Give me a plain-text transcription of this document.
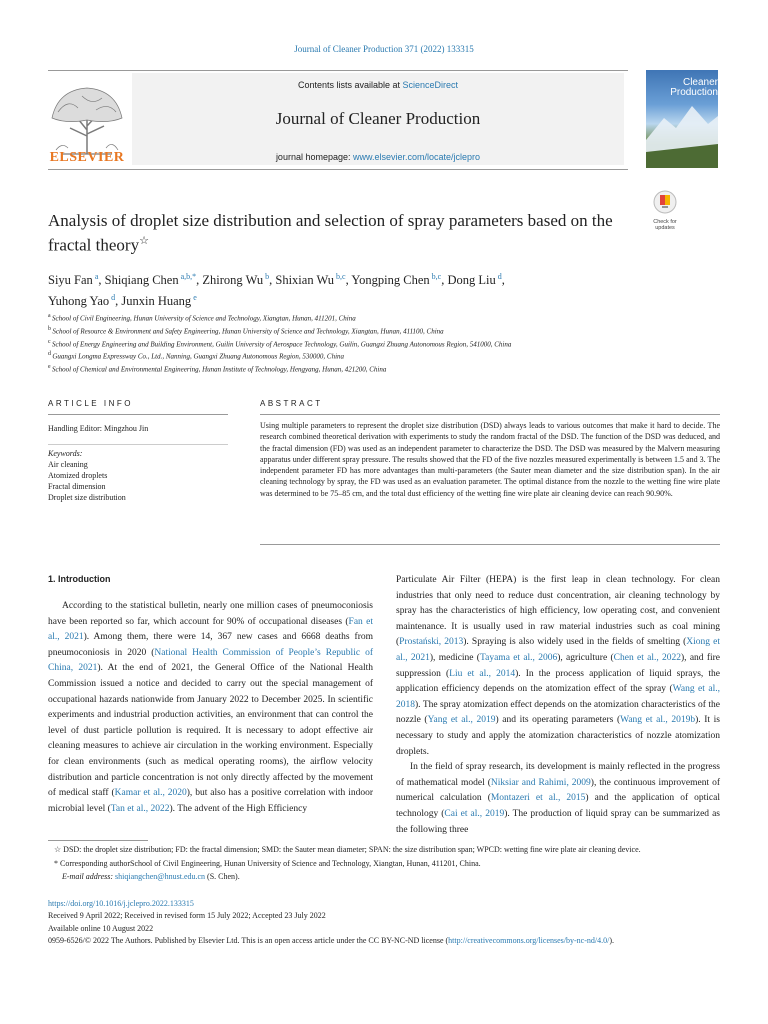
Journal of Cleaner Production 371 (2022) 133315
ELSEVIER
Contents lists available at ScienceDirect
Journal of Cleaner Production
journal homepage: www.elsevier.com/locate/jclepro
Cleaner Production
Check for updates
Analysis of droplet size distribution and selection of spray parameters based on the fractal theory☆
Siyu Fan $^a$, Shiqiang Chen $^{a,b,*}$, Zhirong Wu $^b$, Shixian Wu $^{b,c}$, Yongping Chen $^{b,c}$, Dong Liu $^d$,
Yuhong Yao $^d$, Junxin Huang $^e$
$^a$ School of Civil Engineering, Hunan University of Science and Technology, Xiangtan, Hunan, 411201, China
$^b$ School of Resource & Environment and Safety Engineering, Hunan University of Science and Technology, Xiangtan, Hunan, 411100, China
$^c$ School of Energy Engineering and Building Environment, Guilin University of Aerospace Technology, Guilin, Guangxi Zhuang Autonomous Region, 541000, China
$^d$ Guangxi Longma Expressway Co., Ltd., Nanning, Guangxi Zhuang Autonomous Region, 530000, China
$^e$ School of Chemical and Environmental Engineering, Hunan Institute of Technology, Hengyang, Hunan, 421200, China
ARTICLE INFO	ABSTRACT
Handling Editor: Mingzhou Jin
Keywords:
Air cleaning
Atomized droplets
Fractal dimension
Droplet size distribution
Using multiple parameters to represent the droplet size distribution (DSD) always leads to various outcomes that make it hard to decide. The research combined theoretical derivation with experiments to study the random fractal of the DSD. The function of the DSD was deduced, and the fractal dimension (FD) was used as an independent parameter to characterize the DSD. The DSD was measured by the Malvern measuring apparatus under different spray pressure. The results showed that the FD of the five nozzles measured experimentally is between 1.5 and 3. The independent parameter FD has more advantages than multi-parameters (the Sauter mean diameter and the size distribution span). In the air cleaning technology by spray, the FD was used as an evaluation parameter. The optimal distance from the nozzle to the wetting fine wire plate was determined to be 75–85 cm, and the total dust efficiency of the wetting fine wire plate air cleaning device can reach 90.90%.
1. Introduction

According to the statistical bulletin, nearly one million cases of pneumoconiosis have been reported so far, which account for 90% of occupational diseases (Fan et al., 2021). Among them, there were 14, 367 new cases and 6668 deaths from pneumoconiosis in 2020 (National Health Commission of People’s Republic of China, 2021). At the end of 2021, the General Office of the National Health Commission issued a notice and decided to carry out the special management of occupational hazards nationwide from January 2022 to December 2025. In scientific experiments and industrial production activities, an environment that can control the level of dust particle pollution is required. It is necessary to adopt effective air cleaning measures to achieve air circulation in the working environment. Especially for clean environments (such as medical operating rooms), the airflow velocity distribution and particle concentration is not only directly affected by the movement of medical staff (Kamar et al., 2020), but also has a positive correlation with indoor microbial level (Tan et al., 2022). The advent of the High Efficiency

Particulate Air Filter (HEPA) is the first leap in clean technology. For clean industries that only need to reduce dust concentration, air cleaning technology by spray has the characteristics of high efficiency, low operating cost, and convenient maintenance. It is usually used in raw material industries such as coal mining (Prostański, 2013). Spraying is also widely used in the fields of smelting (Xiong et al., 2021), medicine (Tayama et al., 2006), agriculture (Chen et al., 2022), and fire suppression (Liu et al., 2014). In the process application of liquid sprays, the application efficiency depends on the atomization effect of the spray (Wang et al., 2018). The spray atomization effect depends on the atomization characteristics of the nozzle (Yang et al., 2019) and its operating parameters (Wang et al., 2019b). It is necessary to study and apply the atomization characteristics of nozzle atomization droplets.

In the field of spray research, its development is mainly reflected in the progress of mathematical model (Niksiar and Rahimi, 2009), the continuous improvement of numerical calculation (Montazeri et al., 2015) and the application of optical technology (Cai et al., 2019). The production of liquid spray can be summarized as the following three

☆ DSD: the droplet size distribution; FD: the fractal dimension; SMD: the Sauter mean diameter; SPAN: the size distribution span; WPCD: wetting fine wire plate air cleaning device.
* Corresponding authorSchool of Civil Engineering, Hunan University of Science and Technology, Xiangtan, Hunan, 411201, China.
E-mail address: shiqiangchen@hnust.edu.cn (S. Chen).
https://doi.org/10.1016/j.jclepro.2022.133315
Received 9 April 2022; Received in revised form 15 July 2022; Accepted 23 July 2022
Available online 10 August 2022
0959-6526/© 2022 The Authors. Published by Elsevier Ltd. This is an open access article under the CC BY-NC-ND license (http://creativecommons.org/licenses/by-nc-nd/4.0/).
